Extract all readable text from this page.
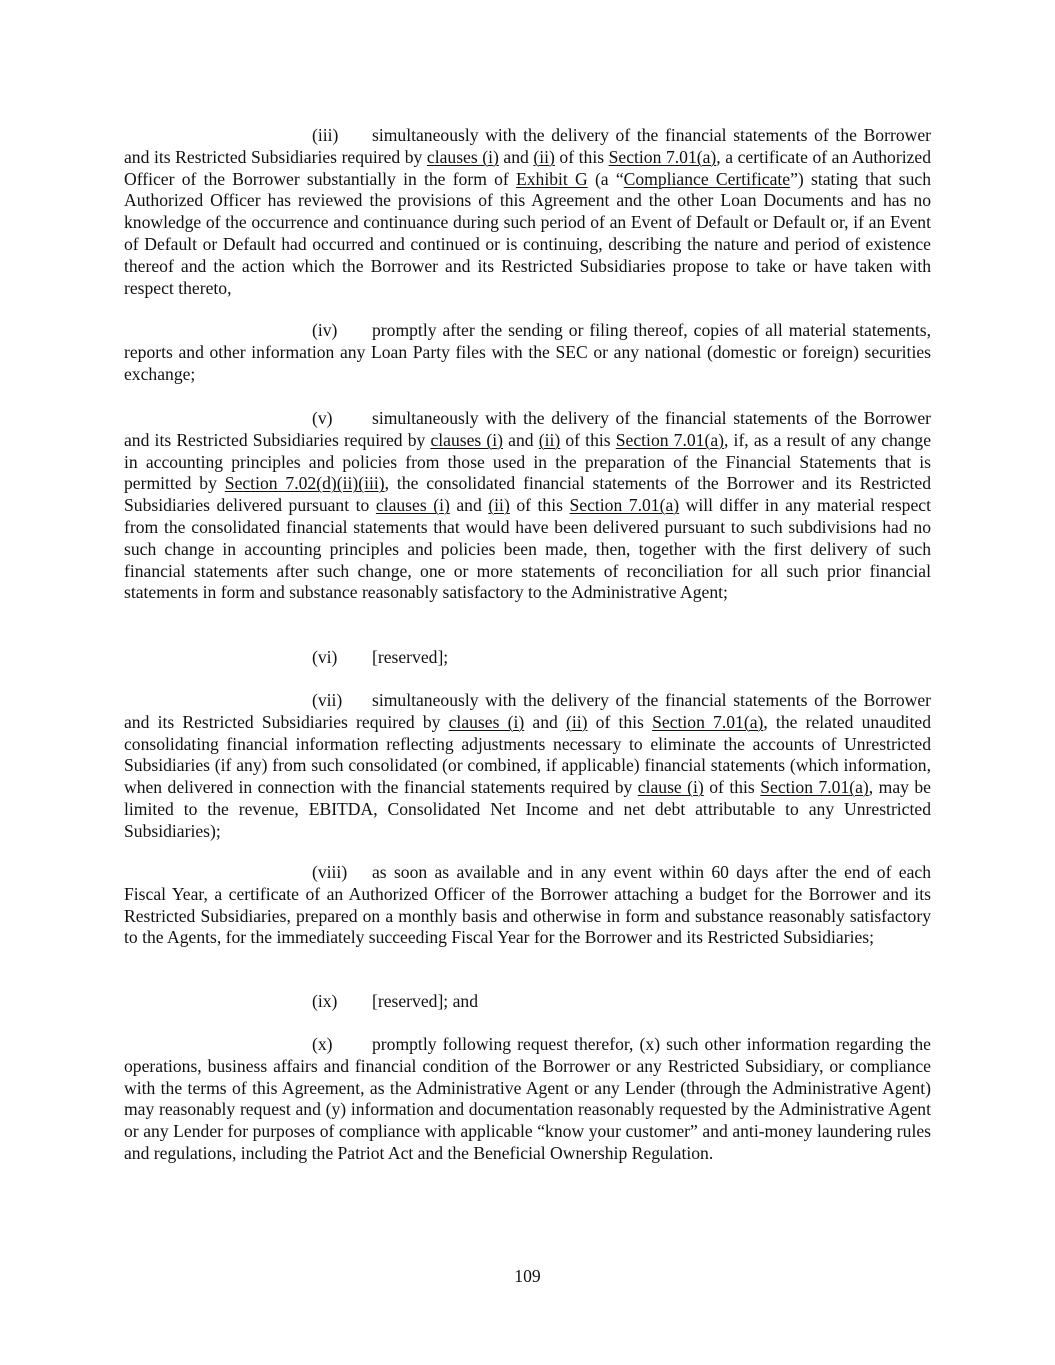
(iii) simultaneously with the delivery of the financial statements of the Borrower and its Restricted Subsidiaries required by clauses (i) and (ii) of this Section 7.01(a), a certificate of an Authorized Officer of the Borrower substantially in the form of Exhibit G (a “Compliance Certificate”) stating that such Authorized Officer has reviewed the provisions of this Agreement and the other Loan Documents and has no knowledge of the occurrence and continuance during such period of an Event of Default or Default or, if an Event of Default or Default had occurred and continued or is continuing, describing the nature and period of existence thereof and the action which the Borrower and its Restricted Subsidiaries propose to take or have taken with respect thereto,

(iv) promptly after the sending or filing thereof, copies of all material statements, reports and other information any Loan Party files with the SEC or any national (domestic or foreign) securities exchange;

(v) simultaneously with the delivery of the financial statements of the Borrower and its Restricted Subsidiaries required by clauses (i) and (ii) of this Section 7.01(a), if, as a result of any change in accounting principles and policies from those used in the preparation of the Financial Statements that is permitted by Section 7.02(d)(ii)(iii), the consolidated financial statements of the Borrower and its Restricted Subsidiaries delivered pursuant to clauses (i) and (ii) of this Section 7.01(a) will differ in any material respect from the consolidated financial statements that would have been delivered pursuant to such subdivisions had no such change in accounting principles and policies been made, then, together with the first delivery of such financial statements after such change, one or more statements of reconciliation for all such prior financial statements in form and substance reasonably satisfactory to the Administrative Agent;

(vi) [reserved];

(vii) simultaneously with the delivery of the financial statements of the Borrower and its Restricted Subsidiaries required by clauses (i) and (ii) of this Section 7.01(a), the related unaudited consolidating financial information reflecting adjustments necessary to eliminate the accounts of Unrestricted Subsidiaries (if any) from such consolidated (or combined, if applicable) financial statements (which information, when delivered in connection with the financial statements required by clause (i) of this Section 7.01(a), may be limited to the revenue, EBITDA, Consolidated Net Income and net debt attributable to any Unrestricted Subsidiaries);

(viii) as soon as available and in any event within 60 days after the end of each Fiscal Year, a certificate of an Authorized Officer of the Borrower attaching a budget for the Borrower and its Restricted Subsidiaries, prepared on a monthly basis and otherwise in form and substance reasonably satisfactory to the Agents, for the immediately succeeding Fiscal Year for the Borrower and its Restricted Subsidiaries;

(ix) [reserved]; and

(x) promptly following request therefor, (x) such other information regarding the operations, business affairs and financial condition of the Borrower or any Restricted Subsidiary, or compliance with the terms of this Agreement, as the Administrative Agent or any Lender (through the Administrative Agent) may reasonably request and (y) information and documentation reasonably requested by the Administrative Agent or any Lender for purposes of compliance with applicable “know your customer” and anti-money laundering rules and regulations, including the Patriot Act and the Beneficial Ownership Regulation.

109
